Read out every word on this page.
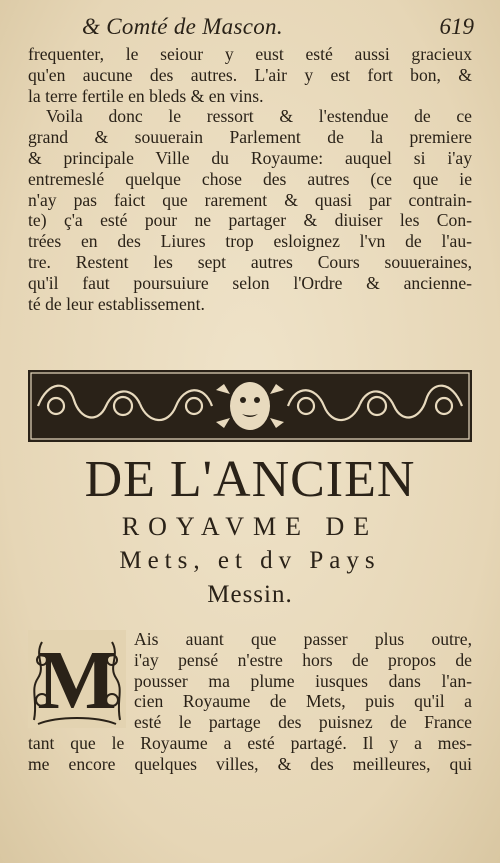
& Comté de Mascon.	619
frequenter, le seiour y eust esté aussi gracieux
qu'en aucune des autres. L'air y est fort bon, &
la terre fertile en bleds & en vins.
Voila donc le ressort & l'estendue de ce
grand & souuerain Parlement de la premiere
& principale Ville du Royaume: auquel si i'ay
entremeslé quelque chose des autres (ce que ie
n'ay pas faict que rarement & quasi par contrain-
te) ç'a esté pour ne partager & diuiser les Con-
trées en des Liures trop esloignez l'vn de l'au-
tre. Restent les sept autres Cours souueraines,
qu'il faut poursuiure selon l'Ordre & ancienne-
té de leur establissement.
DE L'ANCIEN
ROYAVME DE
Mets, et dv Pays
Messin.
M Ais auant que passer plus outre,
i'ay pensé n'estre hors de propos de
pousser ma plume iusques dans l'an-
cien Royaume de Mets, puis qu'il a
esté le partage des puisnez de France
tant que le Royaume a esté partagé. Il y a mes-
me encore quelques villes, & des meilleures, qui
